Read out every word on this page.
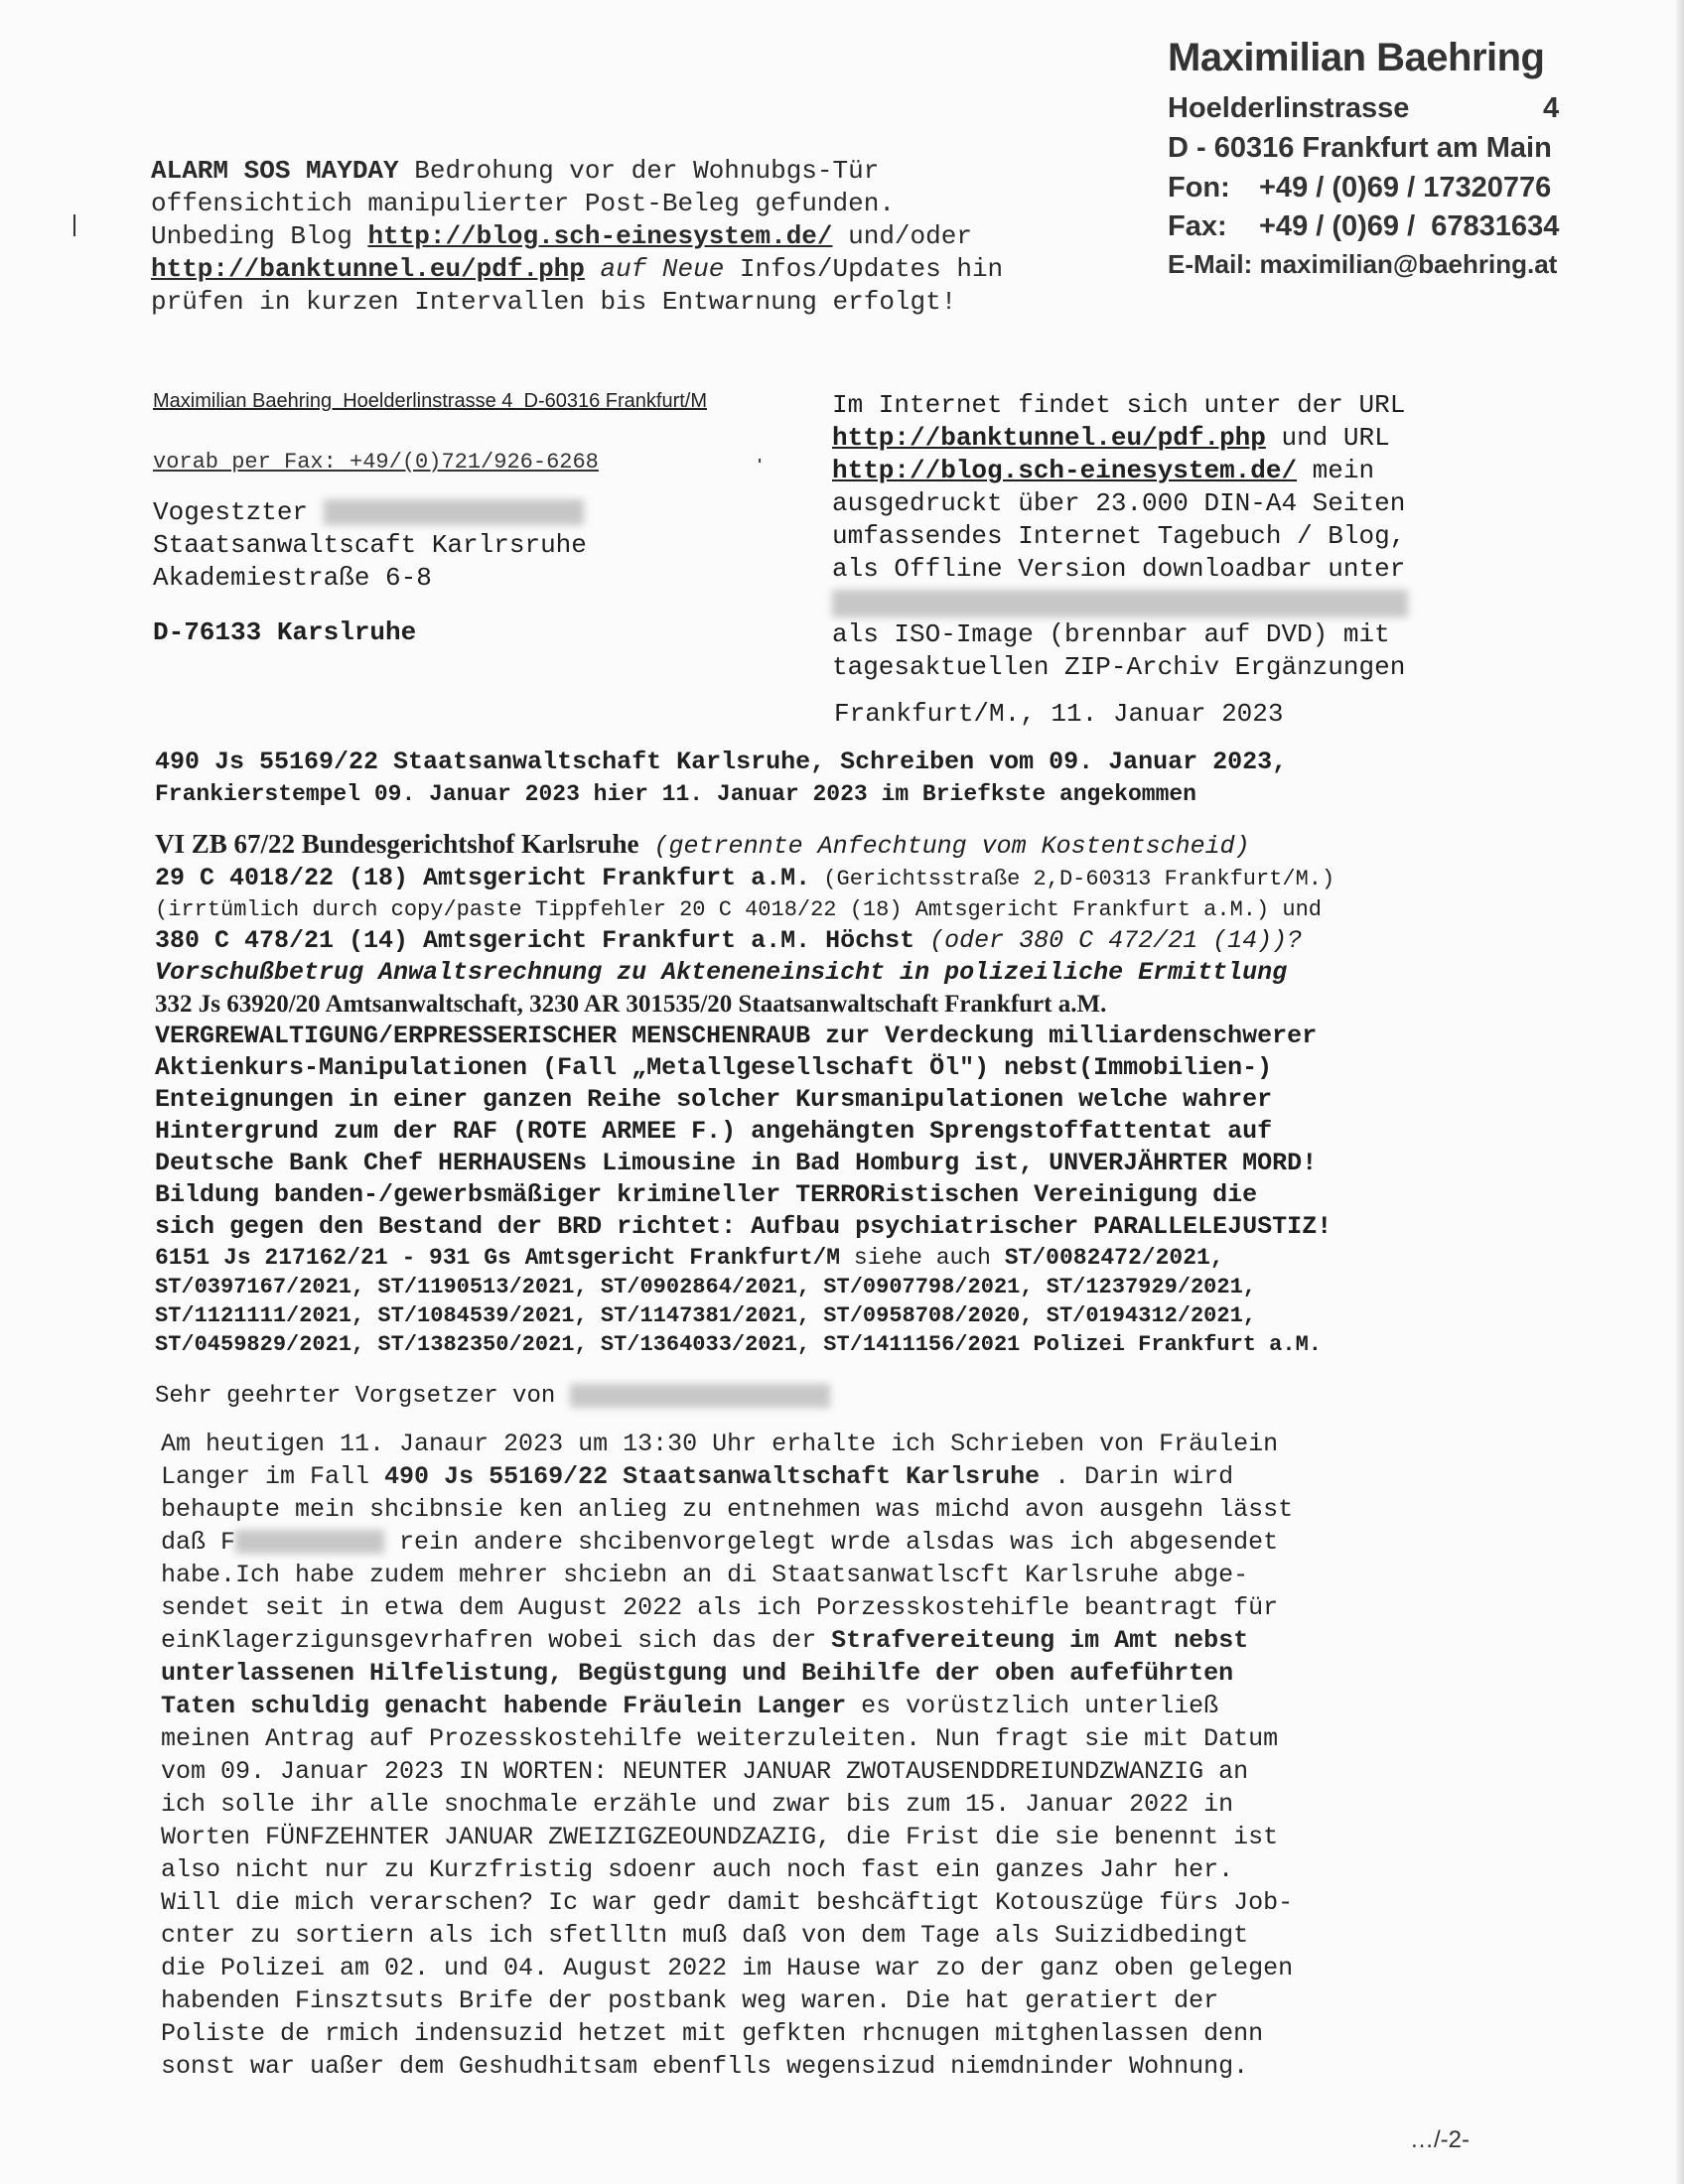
Maximilian Baehring
Hoelderlinstrasse	4
D - 60316 Frankfurt am Main
Fon: +49 / (0)69 / 17320776
Fax: +49 / (0)69 /  67831634
E-Mail: maximilian@baehring.at
ALARM SOS MAYDAY Bedrohung vor der Wohnubgs-Tür
offensichtich manipulierter Post-Beleg gefunden.
Unbeding Blog http://blog.sch-einesystem.de/ und/oder
http://banktunnel.eu/pdf.php auf Neue Infos/Updates hin
prüfen in kurzen Intervallen bis Entwarnung erfolgt!
Maximilian Baehring  Hoelderlinstrasse 4  D-60316 Frankfurt/M
vorab per Fax: +49/(0)721/926-6268
Vogestzter
Staatsanwaltscaft Karlrsruhe
Akademiestraße 6-8
D-76133 Karslruhe
Im Internet findet sich unter der URL
http://banktunnel.eu/pdf.php und URL
http://blog.sch-einesystem.de/ mein
ausgedruckt über 23.000 DIN-A4 Seiten
umfassendes Internet Tagebuch / Blog,
als Offline Version downloadbar unter
als ISO-Image (brennbar auf DVD) mit
tagesaktuellen ZIP-Archiv Ergänzungen
Frankfurt/M., 11. Januar 2023
490 Js 55169/22 Staatsanwaltschaft Karlsruhe, Schreiben vom 09. Januar 2023,
Frankierstempel 09. Januar 2023 hier 11. Januar 2023 im Briefkste angekommen
VI ZB 67/22 Bundesgerichtshof Karlsruhe (getrennte Anfechtung vom Kostentscheid)
29 C 4018/22 (18) Amtsgericht Frankfurt a.M. (Gerichtsstraße 2,D-60313 Frankfurt/M.)
(irrtümlich durch copy/paste Tippfehler 20 C 4018/22 (18) Amtsgericht Frankfurt a.M.) und
380 C 478/21 (14) Amtsgericht Frankfurt a.M. Höchst (oder 380 C 472/21 (14))?
Vorschußbetrug Anwaltsrechnung zu Akteneneinsicht in polizeiliche Ermittlung
332 Js 63920/20 Amtsanwaltschaft, 3230 AR 301535/20 Staatsanwaltschaft Frankfurt a.M.
VERGREWALTIGUNG/ERPRESSERISCHER MENSCHENRAUB zur Verdeckung milliardenschwerer
Aktienkurs-Manipulationen (Fall „Metallgesellschaft Öl") nebst(Immobilien-)
Enteignungen in einer ganzen Reihe solcher Kursmanipulationen welche wahrer
Hintergrund zum der RAF (ROTE ARMEE F.) angehängten Sprengstoffattentat auf
Deutsche Bank Chef HERHAUSENs Limousine in Bad Homburg ist, UNVERJÄHRTER MORD!
Bildung banden-/gewerbsmäßiger krimineller TERRORistischen Vereinigung die
sich gegen den Bestand der BRD richtet: Aufbau psychiatrischer PARALLELEJUSTIZ!
6151 Js 217162/21 - 931 Gs Amtsgericht Frankfurt/M siehe auch ST/0082472/2021,
ST/0397167/2021, ST/1190513/2021, ST/0902864/2021, ST/0907798/2021, ST/1237929/2021,
ST/1121111/2021, ST/1084539/2021, ST/1147381/2021, ST/0958708/2020, ST/0194312/2021,
ST/0459829/2021, ST/1382350/2021, ST/1364033/2021, ST/1411156/2021 Polizei Frankfurt a.M.
Sehr geehrter Vorgsetzer von
Am heutigen 11. Janaur 2023 um 13:30 Uhr erhalte ich Schrieben von Fräulein
Langer im Fall 490 Js 55169/22 Staatsanwaltschaft Karlsruhe . Darin wird
behaupte mein shcibnsie ken anlieg zu entnehmen was michd avon ausgehn lässt
daß F	rein andere shcibenvorgelegt wrde alsdas was ich abgesendet
habe.Ich habe zudem mehrer shciebn an di Staatsanwatlscft Karlsruhe abge-
sendet seit in etwa dem August 2022 als ich Porzesskostehifle beantragt für
einKlagerzigunsgevrhafren wobei sich das der Strafvereiteung im Amt nebst
unterlassenen Hilfelistung, Begüstgung und Beihilfe der oben aufeführten
Taten schuldig genacht habende Fräulein Langer es vorüstzlich unterließ
meinen Antrag auf Prozesskostehilfe weiterzuleiten. Nun fragt sie mit Datum
vom 09. Januar 2023 IN WORTEN: NEUNTER JANUAR ZWOTAUSENDDREIUNDZWANZIG an
ich solle ihr alle snochmale erzähle und zwar bis zum 15. Januar 2022 in
Worten FÜNFZEHNTER JANUAR ZWEIZIGZEOUNDZAZIG, die Frist die sie benennt ist
also nicht nur zu Kurzfristig sdoenr auch noch fast ein ganzes Jahr her.
Will die mich verarschen? Ic war gedr damit beshcäftigt Kotouszüge fürs Job-
cnter zu sortiern als ich sfetlltn muß daß von dem Tage als Suizidbedingt
die Polizei am 02. und 04. August 2022 im Hause war zo der ganz oben gelegen
habenden Finsztsuts Brife der postbank weg waren. Die hat geratiert der
Poliste de rmich indensuzid hetzet mit gefkten rhcnugen mitghenlassen denn
sonst war uaßer dem Geshudhitsam ebenflls wegensizud niemdninder Wohnung.
…/-2-
